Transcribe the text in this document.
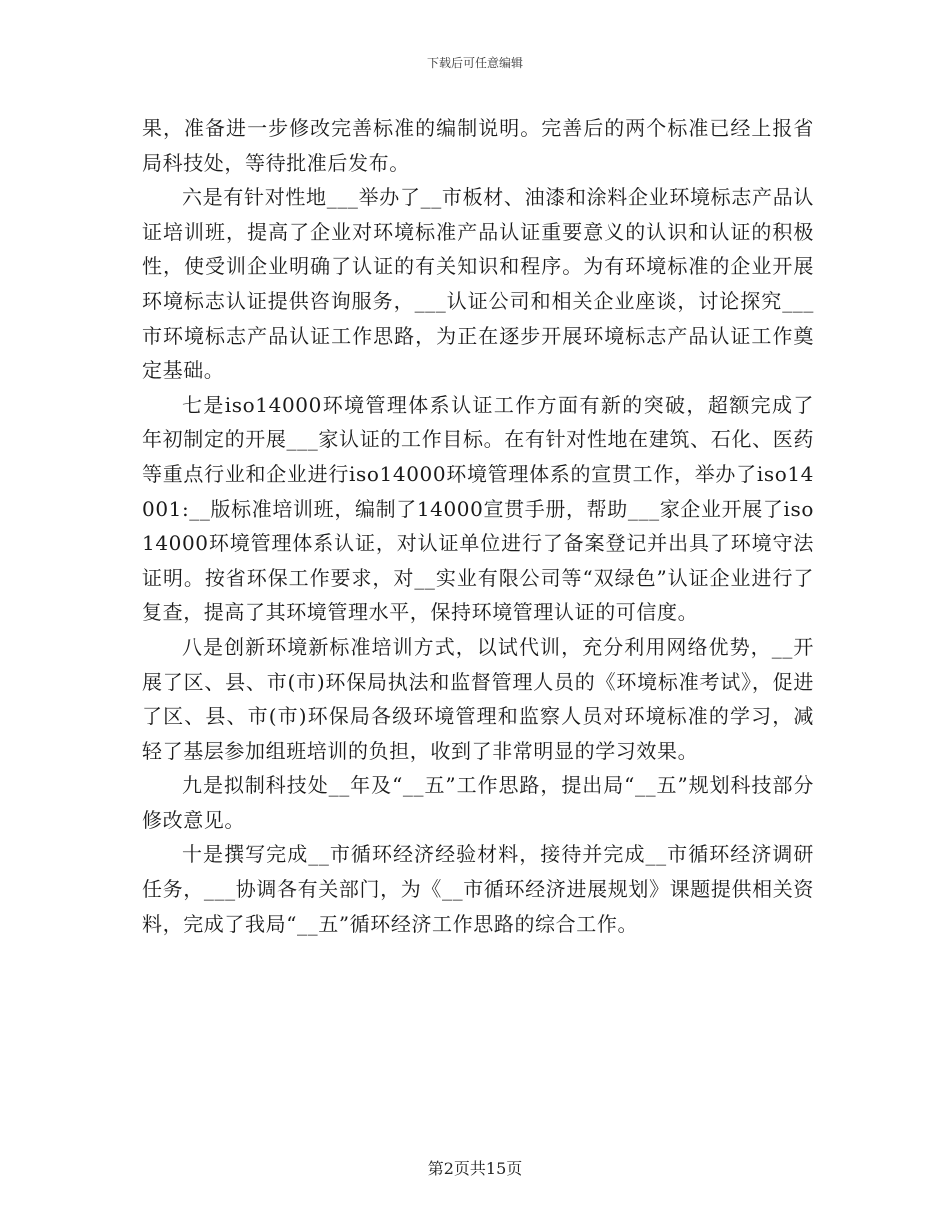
下载后可任意编辑

果，准备进一步修改完善标准的编制说明。完善后的两个标准已经上报省局科技处，等待批准后发布。

六是有针对性地___举办了__市板材、油漆和涂料企业环境标志产品认证培训班，提高了企业对环境标准产品认证重要意义的认识和认证的积极性，使受训企业明确了认证的有关知识和程序。为有环境标准的企业开展环境标志认证提供咨询服务，___认证公司和相关企业座谈，讨论探究___市环境标志产品认证工作思路，为正在逐步开展环境标志产品认证工作奠定基础。

七是iso14000环境管理体系认证工作方面有新的突破，超额完成了年初制定的开展___家认证的工作目标。在有针对性地在建筑、石化、医药等重点行业和企业进行iso14000环境管理体系的宣贯工作，举办了iso14001:__版标准培训班，编制了14000宣贯手册，帮助___家企业开展了iso14000环境管理体系认证，对认证单位进行了备案登记并出具了环境守法证明。按省环保工作要求，对__实业有限公司等“双绿色”认证企业进行了复查，提高了其环境管理水平，保持环境管理认证的可信度。

八是创新环境新标准培训方式，以试代训，充分利用网络优势，__开展了区、县、市(市)环保局执法和监督管理人员的《环境标准考试》，促进了区、县、市(市)环保局各级环境管理和监察人员对环境标准的学习，减轻了基层参加组班培训的负担，收到了非常明显的学习效果。

九是拟制科技处__年及“__五”工作思路，提出局“__五”规划科技部分修改意见。

十是撰写完成__市循环经济经验材料，接待并完成__市循环经济调研任务，___协调各有关部门，为《__市循环经济进展规划》课题提供相关资料，完成了我局“__五”循环经济工作思路的综合工作。

第2页共15页
